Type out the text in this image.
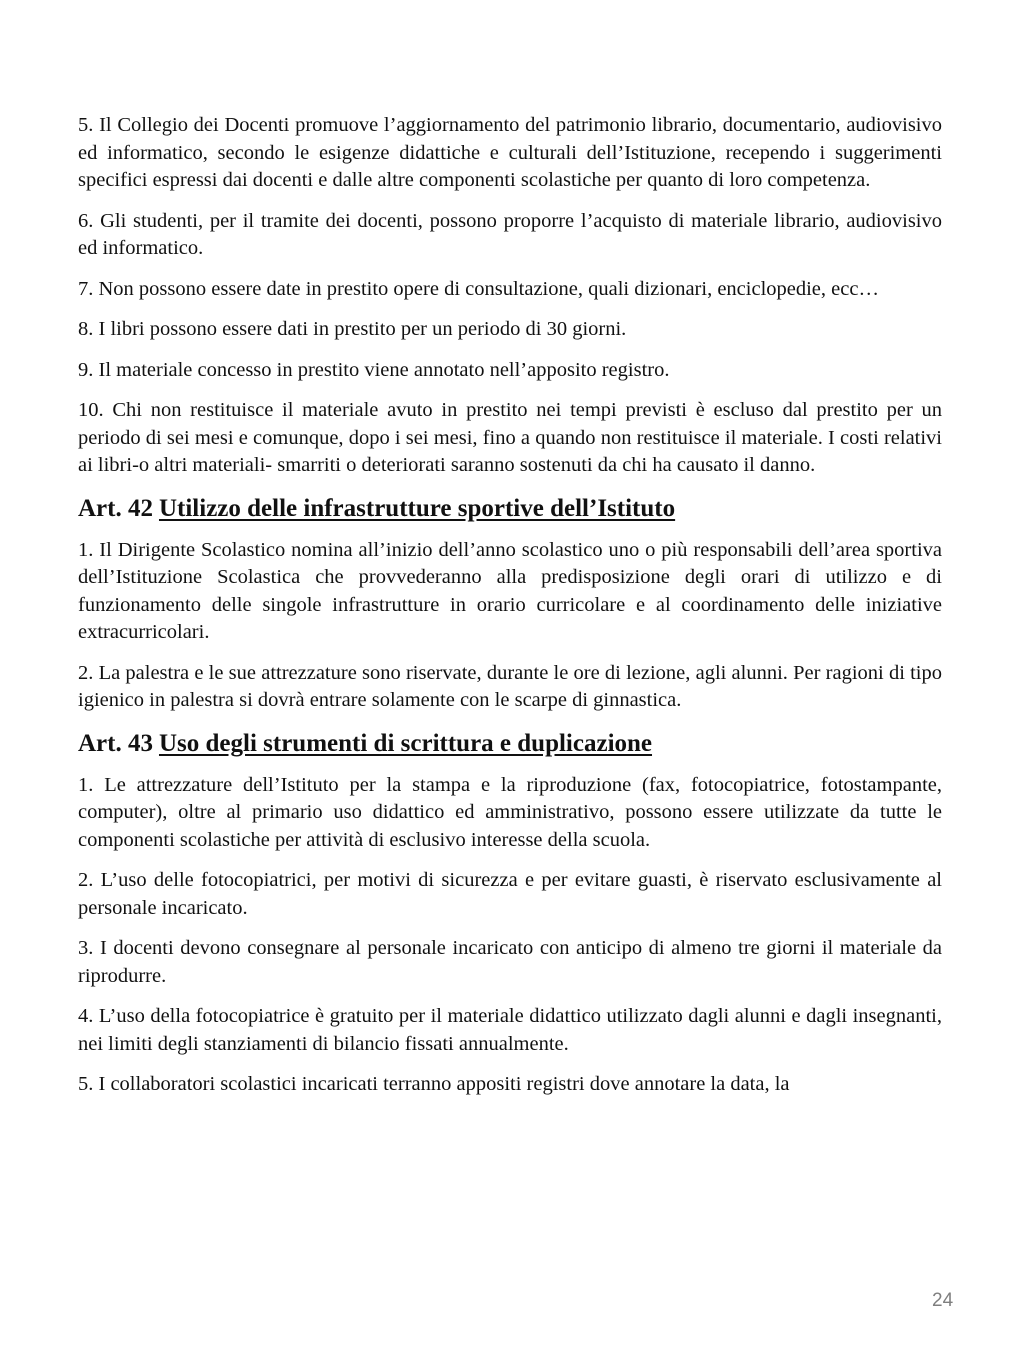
5. Il Collegio dei Docenti promuove l’aggiornamento del patrimonio librario, documentario, audiovisivo ed informatico, secondo le esigenze didattiche e culturali dell’Istituzione, recependo i suggerimenti specifici espressi dai docenti e dalle altre componenti scolastiche per quanto di loro competenza.

6. Gli studenti, per il tramite dei docenti, possono proporre l’acquisto di materiale librario, audiovisivo ed informatico.

7. Non possono essere date in prestito opere di consultazione, quali dizionari, enciclopedie, ecc…

8. I libri possono essere dati in prestito per un periodo di 30 giorni.

9. Il materiale concesso in prestito viene annotato nell’apposito registro.

10. Chi non restituisce il materiale avuto in prestito nei tempi previsti è escluso dal prestito per un periodo di sei mesi e comunque, dopo i sei mesi, fino a quando non restituisce il materiale. I costi relativi ai libri-o altri materiali- smarriti o deteriorati saranno sostenuti da chi ha causato il danno.

Art. 42 Utilizzo delle infrastrutture sportive dell’Istituto

1. Il Dirigente Scolastico nomina all’inizio dell’anno scolastico uno o più responsabili dell’area sportiva dell’Istituzione Scolastica che provvederanno alla predisposizione degli orari di utilizzo e di funzionamento delle singole infrastrutture in orario curricolare e al coordinamento delle iniziative extracurricolari.

2. La palestra e le sue attrezzature sono riservate, durante le ore di lezione, agli alunni. Per ragioni di tipo igienico in palestra si dovrà entrare solamente con le scarpe di ginnastica.

Art. 43 Uso degli strumenti di scrittura e duplicazione

1. Le attrezzature dell’Istituto per la stampa e la riproduzione (fax, fotocopiatrice, fotostampante, computer), oltre al primario uso didattico ed amministrativo, possono essere utilizzate da tutte le componenti scolastiche per attività di esclusivo interesse della scuola.

2. L’uso delle fotocopiatrici, per motivi di sicurezza e per evitare guasti, è riservato esclusivamente al personale incaricato.

3. I docenti devono consegnare al personale incaricato con anticipo di almeno tre giorni il materiale da riprodurre.

4. L’uso della fotocopiatrice è gratuito per il materiale didattico utilizzato dagli alunni e dagli insegnanti, nei limiti degli stanziamenti di bilancio fissati annualmente.

5. I collaboratori scolastici incaricati terranno appositi registri dove annotare la data, la

24
